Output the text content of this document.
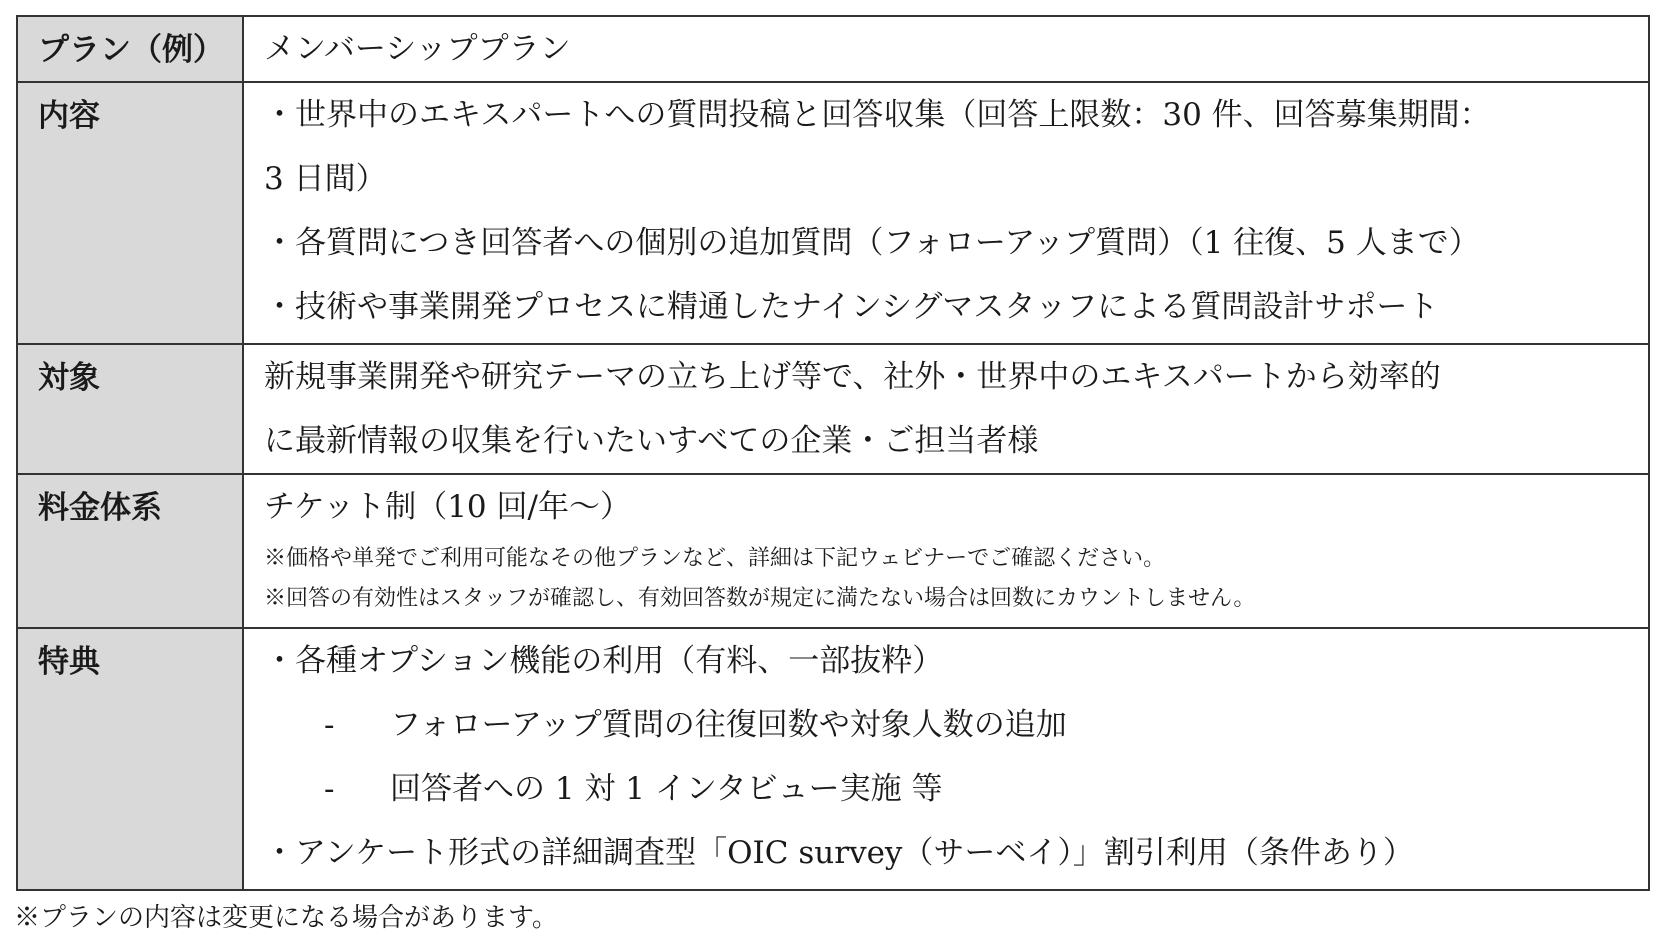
プラン（例）	メンバーシッププラン

内容	・世界中のエキスパートへの質問投稿と回答収集（回答上限数：30 件、回答募集期間：
3 日間）
・各質問につき回答者への個別の追加質問（フォローアップ質問）（1 往復、5 人まで）
・技術や事業開発プロセスに精通したナインシグマスタッフによる質問設計サポート

対象	新規事業開発や研究テーマの立ち上げ等で、社外・世界中のエキスパートから効率的
に最新情報の収集を行いたいすべての企業・ご担当者様

料金体系	チケット制（10 回/年～）
※価格や単発でご利用可能なその他プランなど、詳細は下記ウェビナーでご確認ください。
※回答の有効性はスタッフが確認し、有効回答数が規定に満たない場合は回数にカウントしません。

特典	・各種オプション機能の利用（有料、一部抜粋）
- フォローアップ質問の往復回数や対象人数の追加
- 回答者への 1 対 1 インタビュー実施 等
・アンケート形式の詳細調査型「OIC survey（サーベイ）」割引利用（条件あり）
※プランの内容は変更になる場合があります。
